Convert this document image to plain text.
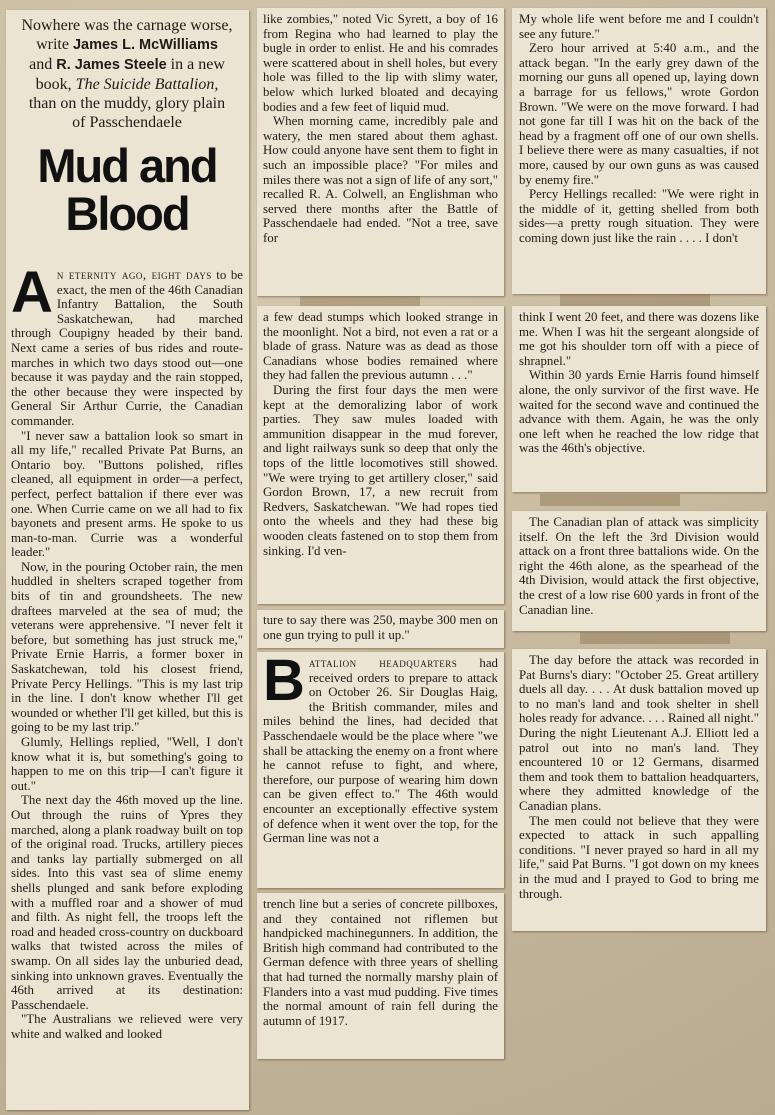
Nowhere was the carnage worse,
write James L. McWilliams
and R. James Steele in a new
book, The Suicide Battalion,
than on the muddy, glory plain
of Passchendaele
Mud and
Blood

An eternity ago, eight days to be exact, the men of the 46th Canadian Infantry Battalion, the South Saskatchewan, had marched through Coupigny headed by their band. Next came a series of bus rides and route-marches in which two days stood out—one because it was payday and the rain stopped, the other because they were inspected by General Sir Arthur Currie, the Canadian commander.

"I never saw a battalion look so smart in all my life," recalled Private Pat Burns, an Ontario boy. "Buttons polished, rifles cleaned, all equipment in order—a perfect, perfect, perfect battalion if there ever was one. When Currie came on we all had to fix bayonets and present arms. He spoke to us man-to-man. Currie was a wonderful leader."

Now, in the pouring October rain, the men huddled in shelters scraped together from bits of tin and groundsheets. The new draftees marveled at the sea of mud; the veterans were apprehensive. "I never felt it before, but something has just struck me," Private Ernie Harris, a former boxer in Saskatchewan, told his closest friend, Private Percy Hellings. "This is my last trip in the line. I don't know whether I'll get wounded or whether I'll get killed, but this is going to be my last trip."

Glumly, Hellings replied, "Well, I don't know what it is, but something's going to happen to me on this trip—I can't figure it out."

The next day the 46th moved up the line. Out through the ruins of Ypres they marched, along a plank roadway built on top of the original road. Trucks, artillery pieces and tanks lay partially submerged on all sides. Into this vast sea of slime enemy shells plunged and sank before exploding with a muffled roar and a shower of mud and filth. As night fell, the troops left the road and headed cross-country on duckboard walks that twisted across the miles of swamp. On all sides lay the unburied dead, sinking into unknown graves. Eventually the 46th arrived at its destination: Passchendaele.

"The Australians we relieved were very white and walked and looked

like zombies," noted Vic Syrett, a boy of 16 from Regina who had learned to play the bugle in order to enlist. He and his comrades were scattered about in shell holes, but every hole was filled to the lip with slimy water, below which lurked bloated and decaying bodies and a few feet of liquid mud.

When morning came, incredibly pale and watery, the men stared about them aghast. How could anyone have sent them to fight in such an impossible place? "For miles and miles there was not a sign of life of any sort," recalled R. A. Colwell, an Englishman who served there months after the Battle of Passchendaele had ended. "Not a tree, save for

a few dead stumps which looked strange in the moonlight. Not a bird, not even a rat or a blade of grass. Nature was as dead as those Canadians whose bodies remained where they had fallen the previous autumn . . ."

During the first four days the men were kept at the demoralizing labor of work parties. They saw mules loaded with ammunition disappear in the mud forever, and light railways sunk so deep that only the tops of the little locomotives still showed. "We were trying to get artillery closer," said Gordon Brown, 17, a new recruit from Redvers, Saskatchewan. "We had ropes tied onto the wheels and they had these big wooden cleats fastened on to stop them from sinking. I'd ven-

ture to say there was 250, maybe 300 men on one gun trying to pull it up."

Battalion headquarters had received orders to prepare to attack on October 26. Sir Douglas Haig, the British commander, miles and miles behind the lines, had decided that Passchendaele would be the place where "we shall be attacking the enemy on a front where he cannot refuse to fight, and where, therefore, our purpose of wearing him down can be given effect to." The 46th would encounter an exceptionally effective system of defence when it went over the top, for the German line was not a

trench line but a series of concrete pillboxes, and they contained not riflemen but handpicked machinegunners. In addition, the British high command had contributed to the German defence with three years of shelling that had turned the normally marshy plain of Flanders into a vast mud pudding. Five times the normal amount of rain fell during the autumn of 1917.

My whole life went before me and I couldn't see any future."

Zero hour arrived at 5:40 a.m., and the attack began. "In the early grey dawn of the morning our guns all opened up, laying down a barrage for us fellows," wrote Gordon Brown. "We were on the move forward. I had not gone far till I was hit on the back of the head by a fragment off one of our own shells. I believe there were as many casualties, if not more, caused by our own guns as was caused by enemy fire."

Percy Hellings recalled: "We were right in the middle of it, getting shelled from both sides—a pretty rough situation. They were coming down just like the rain . . . . I don't

think I went 20 feet, and there was dozens like me. When I was hit the sergeant alongside of me got his shoulder torn off with a piece of shrapnel."

Within 30 yards Ernie Harris found himself alone, the only survivor of the first wave. He waited for the second wave and continued the advance with them. Again, he was the only one left when he reached the low ridge that was the 46th's objective.

The Canadian plan of attack was simplicity itself. On the left the 3rd Division would attack on a front three battalions wide. On the right the 46th alone, as the spearhead of the 4th Division, would attack the first objective, the crest of a low rise 600 yards in front of the Canadian line.

The day before the attack was recorded in Pat Burns's diary: "October 25. Great artillery duels all day. . . . At dusk battalion moved up to no man's land and took shelter in shell holes ready for advance. . . . Rained all night." During the night Lieutenant A.J. Elliott led a patrol out into no man's land. They encountered 10 or 12 Germans, disarmed them and took them to battalion headquarters, where they admitted knowledge of the Canadian plans.

The men could not believe that they were expected to attack in such appalling conditions. "I never prayed so hard in all my life," said Pat Burns. "I got down on my knees in the mud and I prayed to God to bring me through.
